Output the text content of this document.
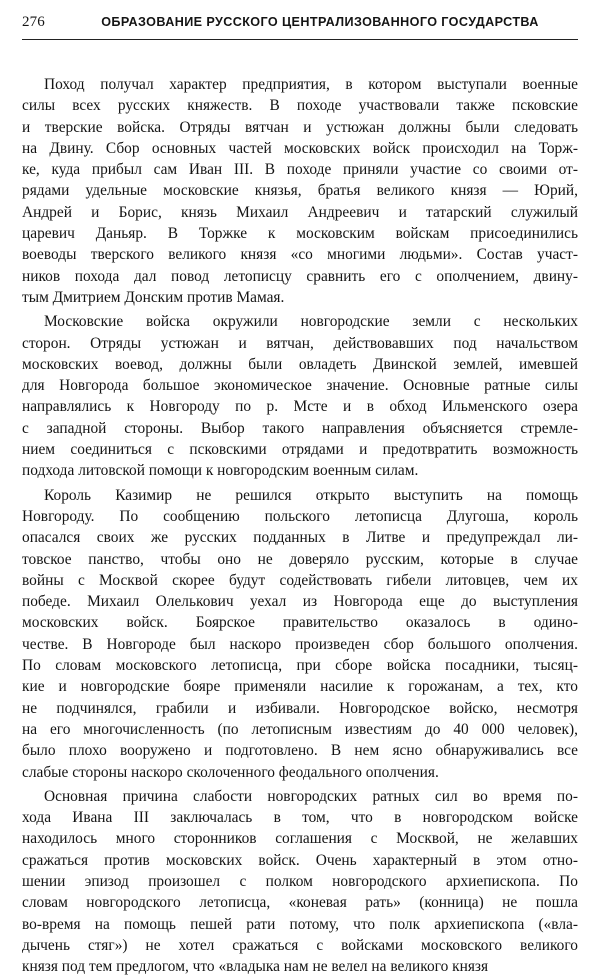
276	ОБРАЗОВАНИЕ РУССКОГО ЦЕНТРАЛИЗОВАННОГО ГОСУДАРСТВА
Поход получал характер предприятия, в котором выступали военные
силы всех русских княжеств. В походе участвовали также псковские
и тверские войска. Отряды вятчан и устюжан должны были следовать
на Двину. Сбор основных частей московских войск происходил на Торж-
ке, куда прибыл сам Иван III. В походе приняли участие со своими от-
рядами удельные московские князья, братья великого князя — Юрий,
Андрей и Борис, князь Михаил Андреевич и татарский служилый
царевич Даньяр. В Торжке к московским войскам присоединились
воеводы тверского великого князя «со многими людьми». Состав участ-
ников похода дал повод летописцу сравнить его с ополчением, двину-
тым Дмитрием Донским против Мамая.
Московские войска окружили новгородские земли с нескольких
сторон. Отряды устюжан и вятчан, действовавших под начальством
московских воевод, должны были овладеть Двинской землей, имевшей
для Новгорода большое экономическое значение. Основные ратные силы
направлялись к Новгороду по р. Мсте и в обход Ильменского озера
с западной стороны. Выбор такого направления объясняется стремле-
нием соединиться с псковскими отрядами и предотвратить возможность
подхода литовской помощи к новгородским военным силам.
Король Казимир не решился открыто выступить на помощь
Новгороду. По сообщению польского летописца Длугоша, король
опасался своих же русских подданных в Литве и предупреждал ли-
товское панство, чтобы оно не доверяло русским, которые в случае
войны с Москвой скорее будут содействовать гибели литовцев, чем их
победе. Михаил Олелькович уехал из Новгорода еще до выступления
московских войск. Боярское правительство оказалось в одино-
честве. В Новгороде был наскоро произведен сбор большого ополчения.
По словам московского летописца, при сборе войска посадники, тысяц-
кие и новгородские бояре применяли насилие к горожанам, а тех, кто
не подчинялся, грабили и избивали. Новгородское войско, несмотря
на его многочисленность (по летописным известиям до 40 000 человек),
было плохо вооружено и подготовлено. В нем ясно обнаруживались все
слабые стороны наскоро сколоченного феодального ополчения.
Основная причина слабости новгородских ратных сил во время по-
хода Ивана III заключалась в том, что в новгородском войске
находилось много сторонников соглашения с Москвой, не желавших
сражаться против московских войск. Очень характерный в этом отно-
шении эпизод произошел с полком новгородского архиепископа. По
словам новгородского летописца, «коневая рать» (конница) не пошла
во-время на помощь пешей рати потому, что полк архиепископа («вла-
дычень стяг») не хотел сражаться с войсками московского великого
князя под тем предлогом, что «владыка нам не велел на великого князя
